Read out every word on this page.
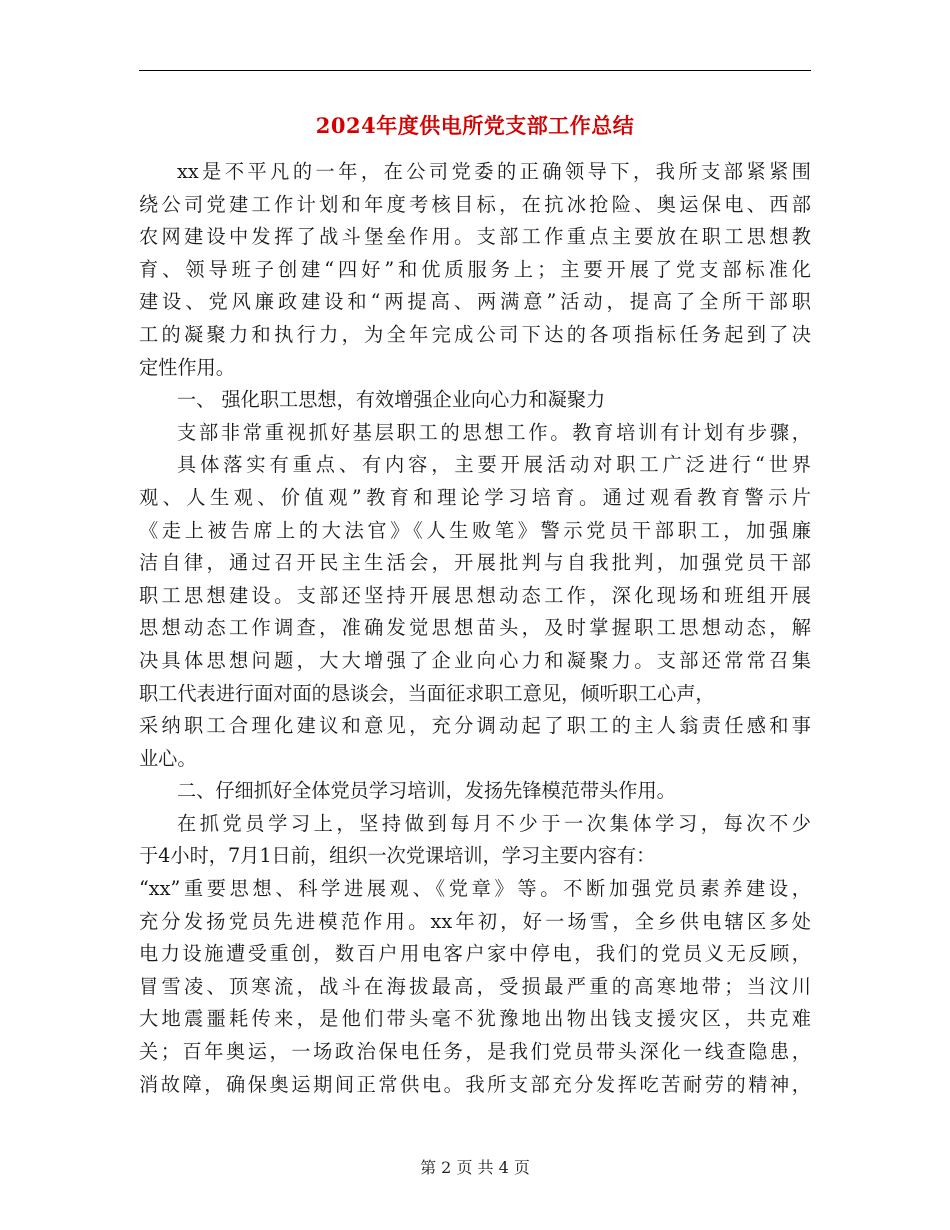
2024年度供电所党支部工作总结
xx是不平凡的一年，在公司党委的正确领导下，我所支部紧紧围
绕公司党建工作计划和年度考核目标，在抗冰抢险、奥运保电、西部
农网建设中发挥了战斗堡垒作用。支部工作重点主要放在职工思想教
育、领导班子创建“四好”和优质服务上；主要开展了党支部标准化
建设、党风廉政建设和“两提高、两满意”活动，提高了全所干部职
工的凝聚力和执行力，为全年完成公司下达的各项指标任务起到了决
定性作用。
一、 强化职工思想，有效增强企业向心力和凝聚力
支部非常重视抓好基层职工的思想工作。教育培训有计划有步骤，
具体落实有重点、有内容，主要开展活动对职工广泛进行“世界
观、人生观、价值观”教育和理论学习培育。通过观看教育警示片
《走上被告席上的大法官》《人生败笔》警示党员干部职工，加强廉
洁自律，通过召开民主生活会，开展批判与自我批判，加强党员干部
职工思想建设。支部还坚持开展思想动态工作，深化现场和班组开展
思想动态工作调查，准确发觉思想苗头，及时掌握职工思想动态，解
决具体思想问题，大大增强了企业向心力和凝聚力。支部还常常召集
职工代表进行面对面的恳谈会，当面征求职工意见，倾听职工心声，
采纳职工合理化建议和意见，充分调动起了职工的主人翁责任感和事
业心。
二、仔细抓好全体党员学习培训，发扬先锋模范带头作用。
在抓党员学习上，坚持做到每月不少于一次集体学习，每次不少
于4小时，7月1日前，组织一次党课培训，学习主要内容有：
“xx”重要思想、科学进展观、《党章》等。不断加强党员素养建设，
充分发扬党员先进模范作用。xx年初，好一场雪，全乡供电辖区多处
电力设施遭受重创，数百户用电客户家中停电，我们的党员义无反顾，
冒雪凌、顶寒流，战斗在海拔最高，受损最严重的高寒地带；当汶川
大地震噩耗传来，是他们带头毫不犹豫地出物出钱支援灾区，共克难
关；百年奥运，一场政治保电任务，是我们党员带头深化一线查隐患，
消故障，确保奥运期间正常供电。我所支部充分发挥吃苦耐劳的精神，
第 2 页 共 4 页
